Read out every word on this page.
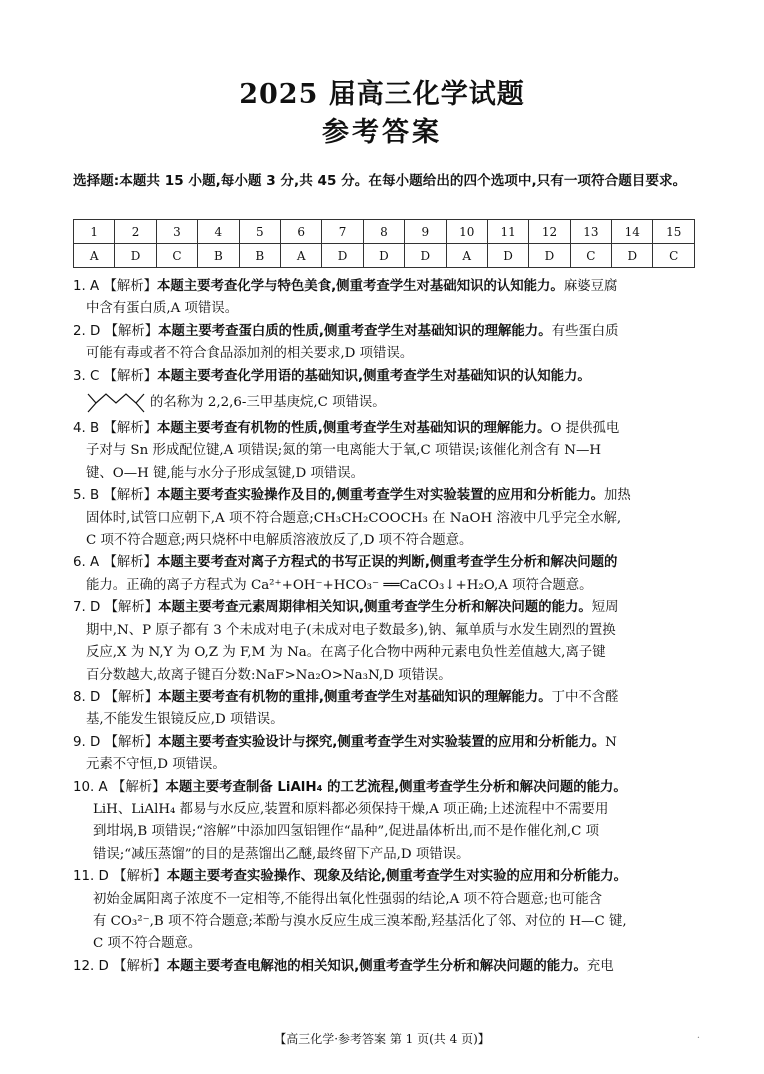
2025 届高三化学试题
参考答案
选择题:本题共 15 小题,每小题 3 分,共 45 分。在每小题给出的四个选项中,只有一项符合题目要求。
1	2	3	4	5	6	7	8	9	10	11	12	13	14	15
A	D	C	B	B	A	D	D	D	A	D	D	C	D	C
1. A 【解析】本题主要考查化学与特色美食,侧重考查学生对基础知识的认知能力。麻婆豆腐
中含有蛋白质,A 项错误。
2. D 【解析】本题主要考查蛋白质的性质,侧重考查学生对基础知识的理解能力。有些蛋白质
可能有毒或者不符合食品添加剂的相关要求,D 项错误。
3. C 【解析】本题主要考查化学用语的基础知识,侧重考查学生对基础知识的认知能力。
的名称为 2,2,6-三甲基庚烷,C 项错误。
4. B 【解析】本题主要考查有机物的性质,侧重考查学生对基础知识的理解能力。O 提供孤电
子对与 Sn 形成配位键,A 项错误;氮的第一电离能大于氧,C 项错误;该催化剂含有 N—H
键、O—H 键,能与水分子形成氢键,D 项错误。
5. B 【解析】本题主要考查实验操作及目的,侧重考查学生对实验装置的应用和分析能力。加热
固体时,试管口应朝下,A 项不符合题意;CH₃CH₂COOCH₃ 在 NaOH 溶液中几乎完全水解,
C 项不符合题意;两只烧杯中电解质溶液放反了,D 项不符合题意。
6. A 【解析】本题主要考查对离子方程式的书写正误的判断,侧重考查学生分析和解决问题的
能力。正确的离子方程式为 Ca²⁺+OH⁻+HCO₃⁻ ══CaCO₃↓+H₂O,A 项符合题意。
7. D 【解析】本题主要考查元素周期律相关知识,侧重考查学生分析和解决问题的能力。短周
期中,N、P 原子都有 3 个未成对电子(未成对电子数最多),钠、氟单质与水发生剧烈的置换
反应,X 为 N,Y 为 O,Z 为 F,M 为 Na。在离子化合物中两种元素电负性差值越大,离子键
百分数越大,故离子键百分数:NaF>Na₂O>Na₃N,D 项错误。
8. D 【解析】本题主要考查有机物的重排,侧重考查学生对基础知识的理解能力。丁中不含醛
基,不能发生银镜反应,D 项错误。
9. D 【解析】本题主要考查实验设计与探究,侧重考查学生对实验装置的应用和分析能力。N
元素不守恒,D 项错误。
10. A 【解析】本题主要考查制备 LiAlH₄ 的工艺流程,侧重考查学生分析和解决问题的能力。
LiH、LiAlH₄ 都易与水反应,装置和原料都必须保持干燥,A 项正确;上述流程中不需要用
到坩埚,B 项错误;“溶解”中添加四氢铝锂作“晶种”,促进晶体析出,而不是作催化剂,C 项
错误;“减压蒸馏”的目的是蒸馏出乙醚,最终留下产品,D 项错误。
11. D 【解析】本题主要考查实验操作、现象及结论,侧重考查学生对实验的应用和分析能力。
初始金属阳离子浓度不一定相等,不能得出氧化性强弱的结论,A 项不符合题意;也可能含
有 CO₃²⁻,B 项不符合题意;苯酚与溴水反应生成三溴苯酚,羟基活化了邻、对位的 H—C 键,
C 项不符合题意。
12. D 【解析】本题主要考查电解池的相关知识,侧重考查学生分析和解决问题的能力。充电
【高三化学·参考答案 第 1 页(共 4 页)】	·
